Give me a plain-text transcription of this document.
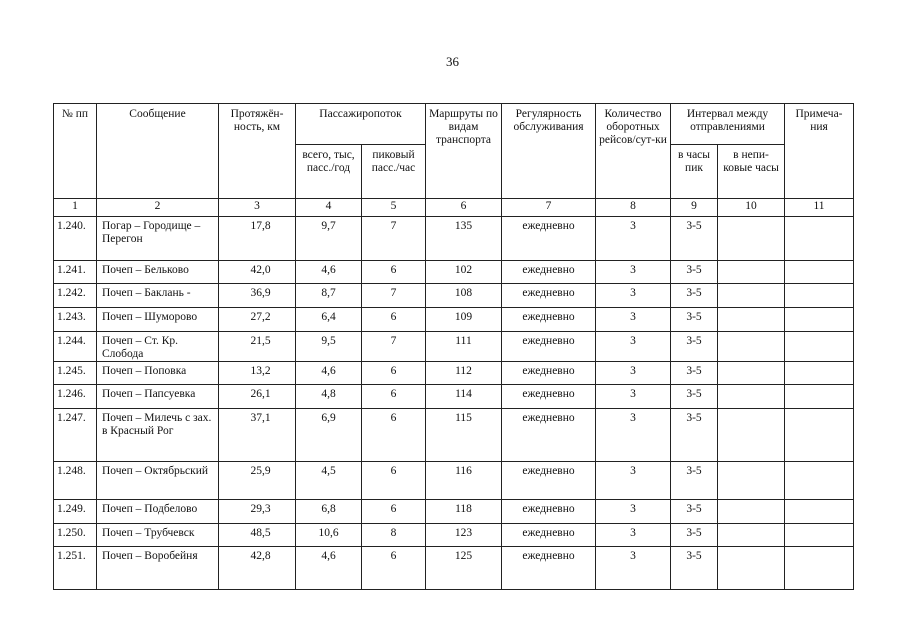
36
№ пп	Сообщение	Протяжён-ность, км	Пассажиропоток		Маршруты по видам транспорта	Регулярность обслуживания	Количество оборотных рейсов/сут-ки	Интервал между отправлениями		Примеча-ния
			всего, тыс, пасс./год	пиковый пасс./час				в часы пик	в непи-ковые часы	
1	2	3	4	5	6	7	8	9	10	11
1.240.	Погар – Городище – Перегон	17,8	9,7	7	135	ежедневно	3	3-5		
1.241.	Почеп – Бельково	42,0	4,6	6	102	ежедневно	3	3-5		
1.242.	Почеп – Баклань -	36,9	8,7	7	108	ежедневно	3	3-5		
1.243.	Почеп – Шуморово	27,2	6,4	6	109	ежедневно	3	3-5		
1.244.	Почеп – Ст. Кр. Слобода	21,5	9,5	7	111	ежедневно	3	3-5		
1.245.	Почеп – Поповка	13,2	4,6	6	112	ежедневно	3	3-5		
1.246.	Почеп – Папсуевка	26,1	4,8	6	114	ежедневно	3	3-5		
1.247.	Почеп – Милечь с зах. в Красный Рог	37,1	6,9	6	115	ежедневно	3	3-5		
1.248.	Почеп – Октябрьский	25,9	4,5	6	116	ежедневно	3	3-5		
1.249.	Почеп – Подбелово	29,3	6,8	6	118	ежедневно	3	3-5		
1.250.	Почеп – Трубчевск	48,5	10,6	8	123	ежедневно	3	3-5		
1.251.	Почеп – Воробейня	42,8	4,6	6	125	ежедневно	3	3-5		
